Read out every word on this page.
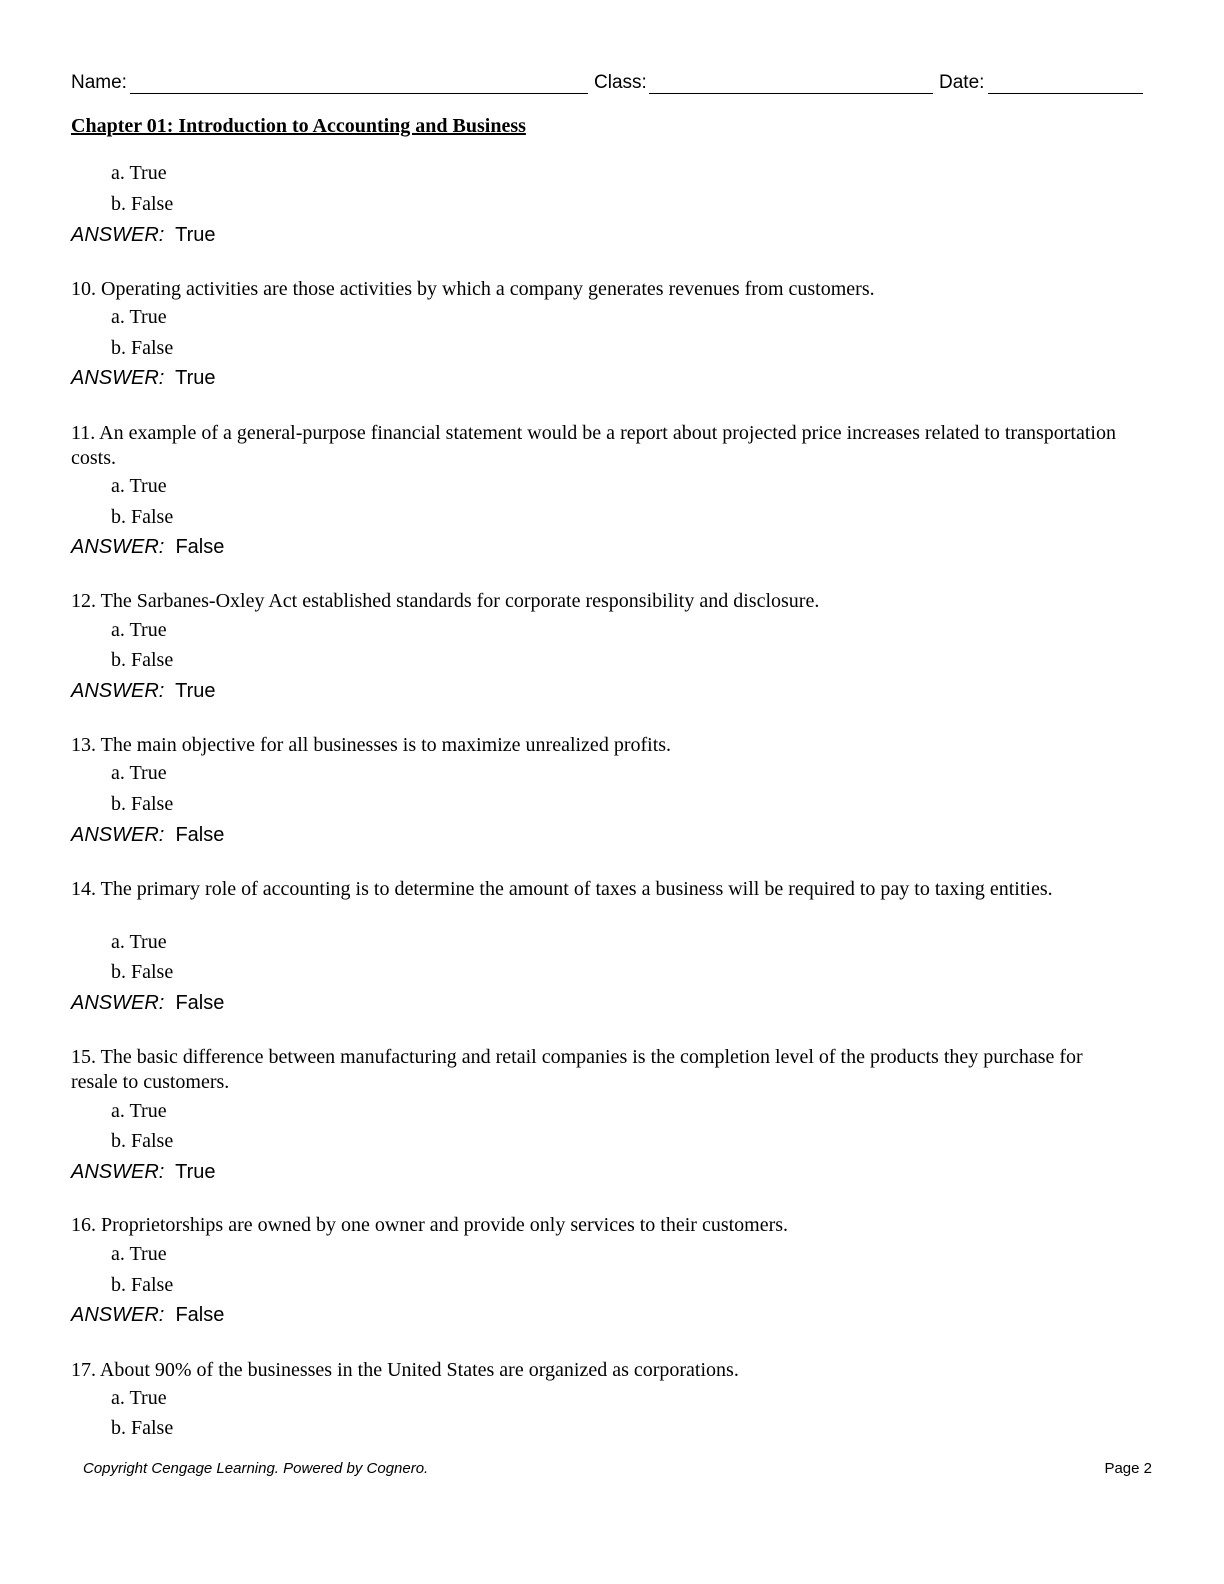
Name:	Class:	Date:
Chapter 01: Introduction to Accounting and Business
a. True
b. False
ANSWER: True
10. Operating activities are those activities by which a company generates revenues from customers.
a. True
b. False
ANSWER: True
11. An example of a general-purpose financial statement would be a report about projected price increases related to transportation costs.
a. True
b. False
ANSWER: False
12. The Sarbanes-Oxley Act established standards for corporate responsibility and disclosure.
a. True
b. False
ANSWER: True
13. The main objective for all businesses is to maximize unrealized profits.
a. True
b. False
ANSWER: False
14. The primary role of accounting is to determine the amount of taxes a business will be required to pay to taxing entities.
a. True
b. False
ANSWER: False
15. The basic difference between manufacturing and retail companies is the completion level of the products they purchase for resale to customers.
a. True
b. False
ANSWER: True
16. Proprietorships are owned by one owner and provide only services to their customers.
a. True
b. False
ANSWER: False
17. About 90% of the businesses in the United States are organized as corporations.
a. True
b. False
Copyright Cengage Learning. Powered by Cognero.	Page 2
